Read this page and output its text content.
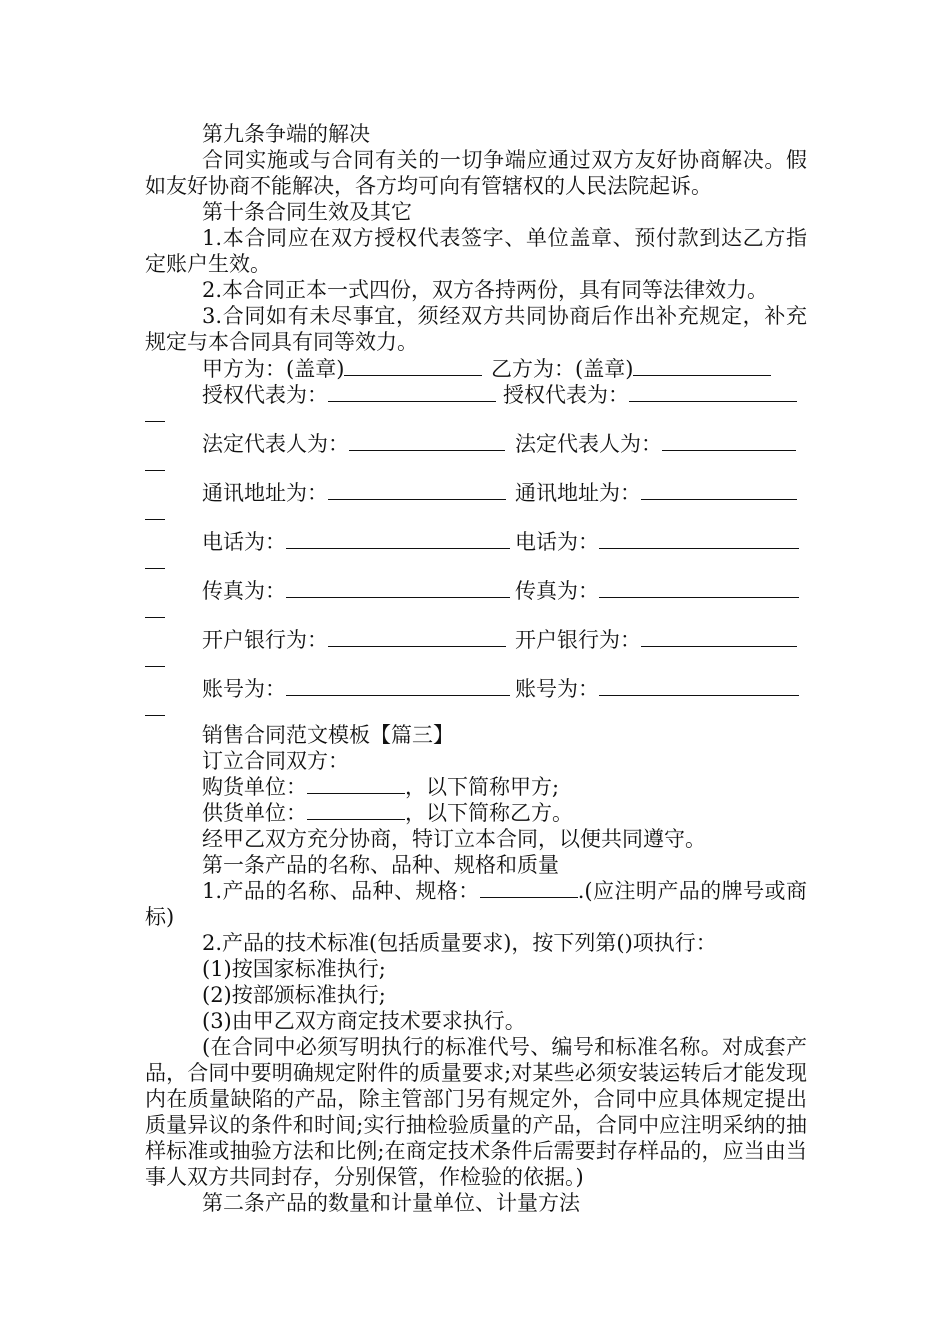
第九条争端的解决
合同实施或与合同有关的一切争端应通过双方友好协商解决。假如友好协商不能解决，各方均可向有管辖权的人民法院起诉。
第十条合同生效及其它
1.本合同应在双方授权代表签字、单位盖章、预付款到达乙方指定账户生效。
2.本合同正本一式四份，双方各持两份，具有同等法律效力。
3.合同如有未尽事宜，须经双方共同协商后作出补充规定，补充规定与本合同具有同等效力。
甲方为：(盖章)	乙方为：(盖章)
授权代表为：	授权代表为：
法定代表人为：	法定代表人为：
通讯地址为：	通讯地址为：
电话为：	电话为：
传真为：	传真为：
开户银行为：	开户银行为：
账号为：	账号为：
销售合同范文模板【篇三】
订立合同双方：
购货单位：	，以下简称甲方;
供货单位：	，以下简称乙方。
经甲乙双方充分协商，特订立本合同，以便共同遵守。
第一条产品的名称、品种、规格和质量
1.产品的名称、品种、规格：	.(应注明产品的牌号或商标)
2.产品的技术标准(包括质量要求)，按下列第()项执行：
(1)按国家标准执行;
(2)按部颁标准执行;
(3)由甲乙双方商定技术要求执行。
(在合同中必须写明执行的标准代号、编号和标准名称。对成套产品，合同中要明确规定附件的质量要求;对某些必须安装运转后才能发现内在质量缺陷的产品，除主管部门另有规定外，合同中应具体规定提出质量异议的条件和时间;实行抽检验质量的产品，合同中应注明采纳的抽样标准或抽验方法和比例;在商定技术条件后需要封存样品的，应当由当事人双方共同封存，分别保管，作检验的依据。)
第二条产品的数量和计量单位、计量方法
